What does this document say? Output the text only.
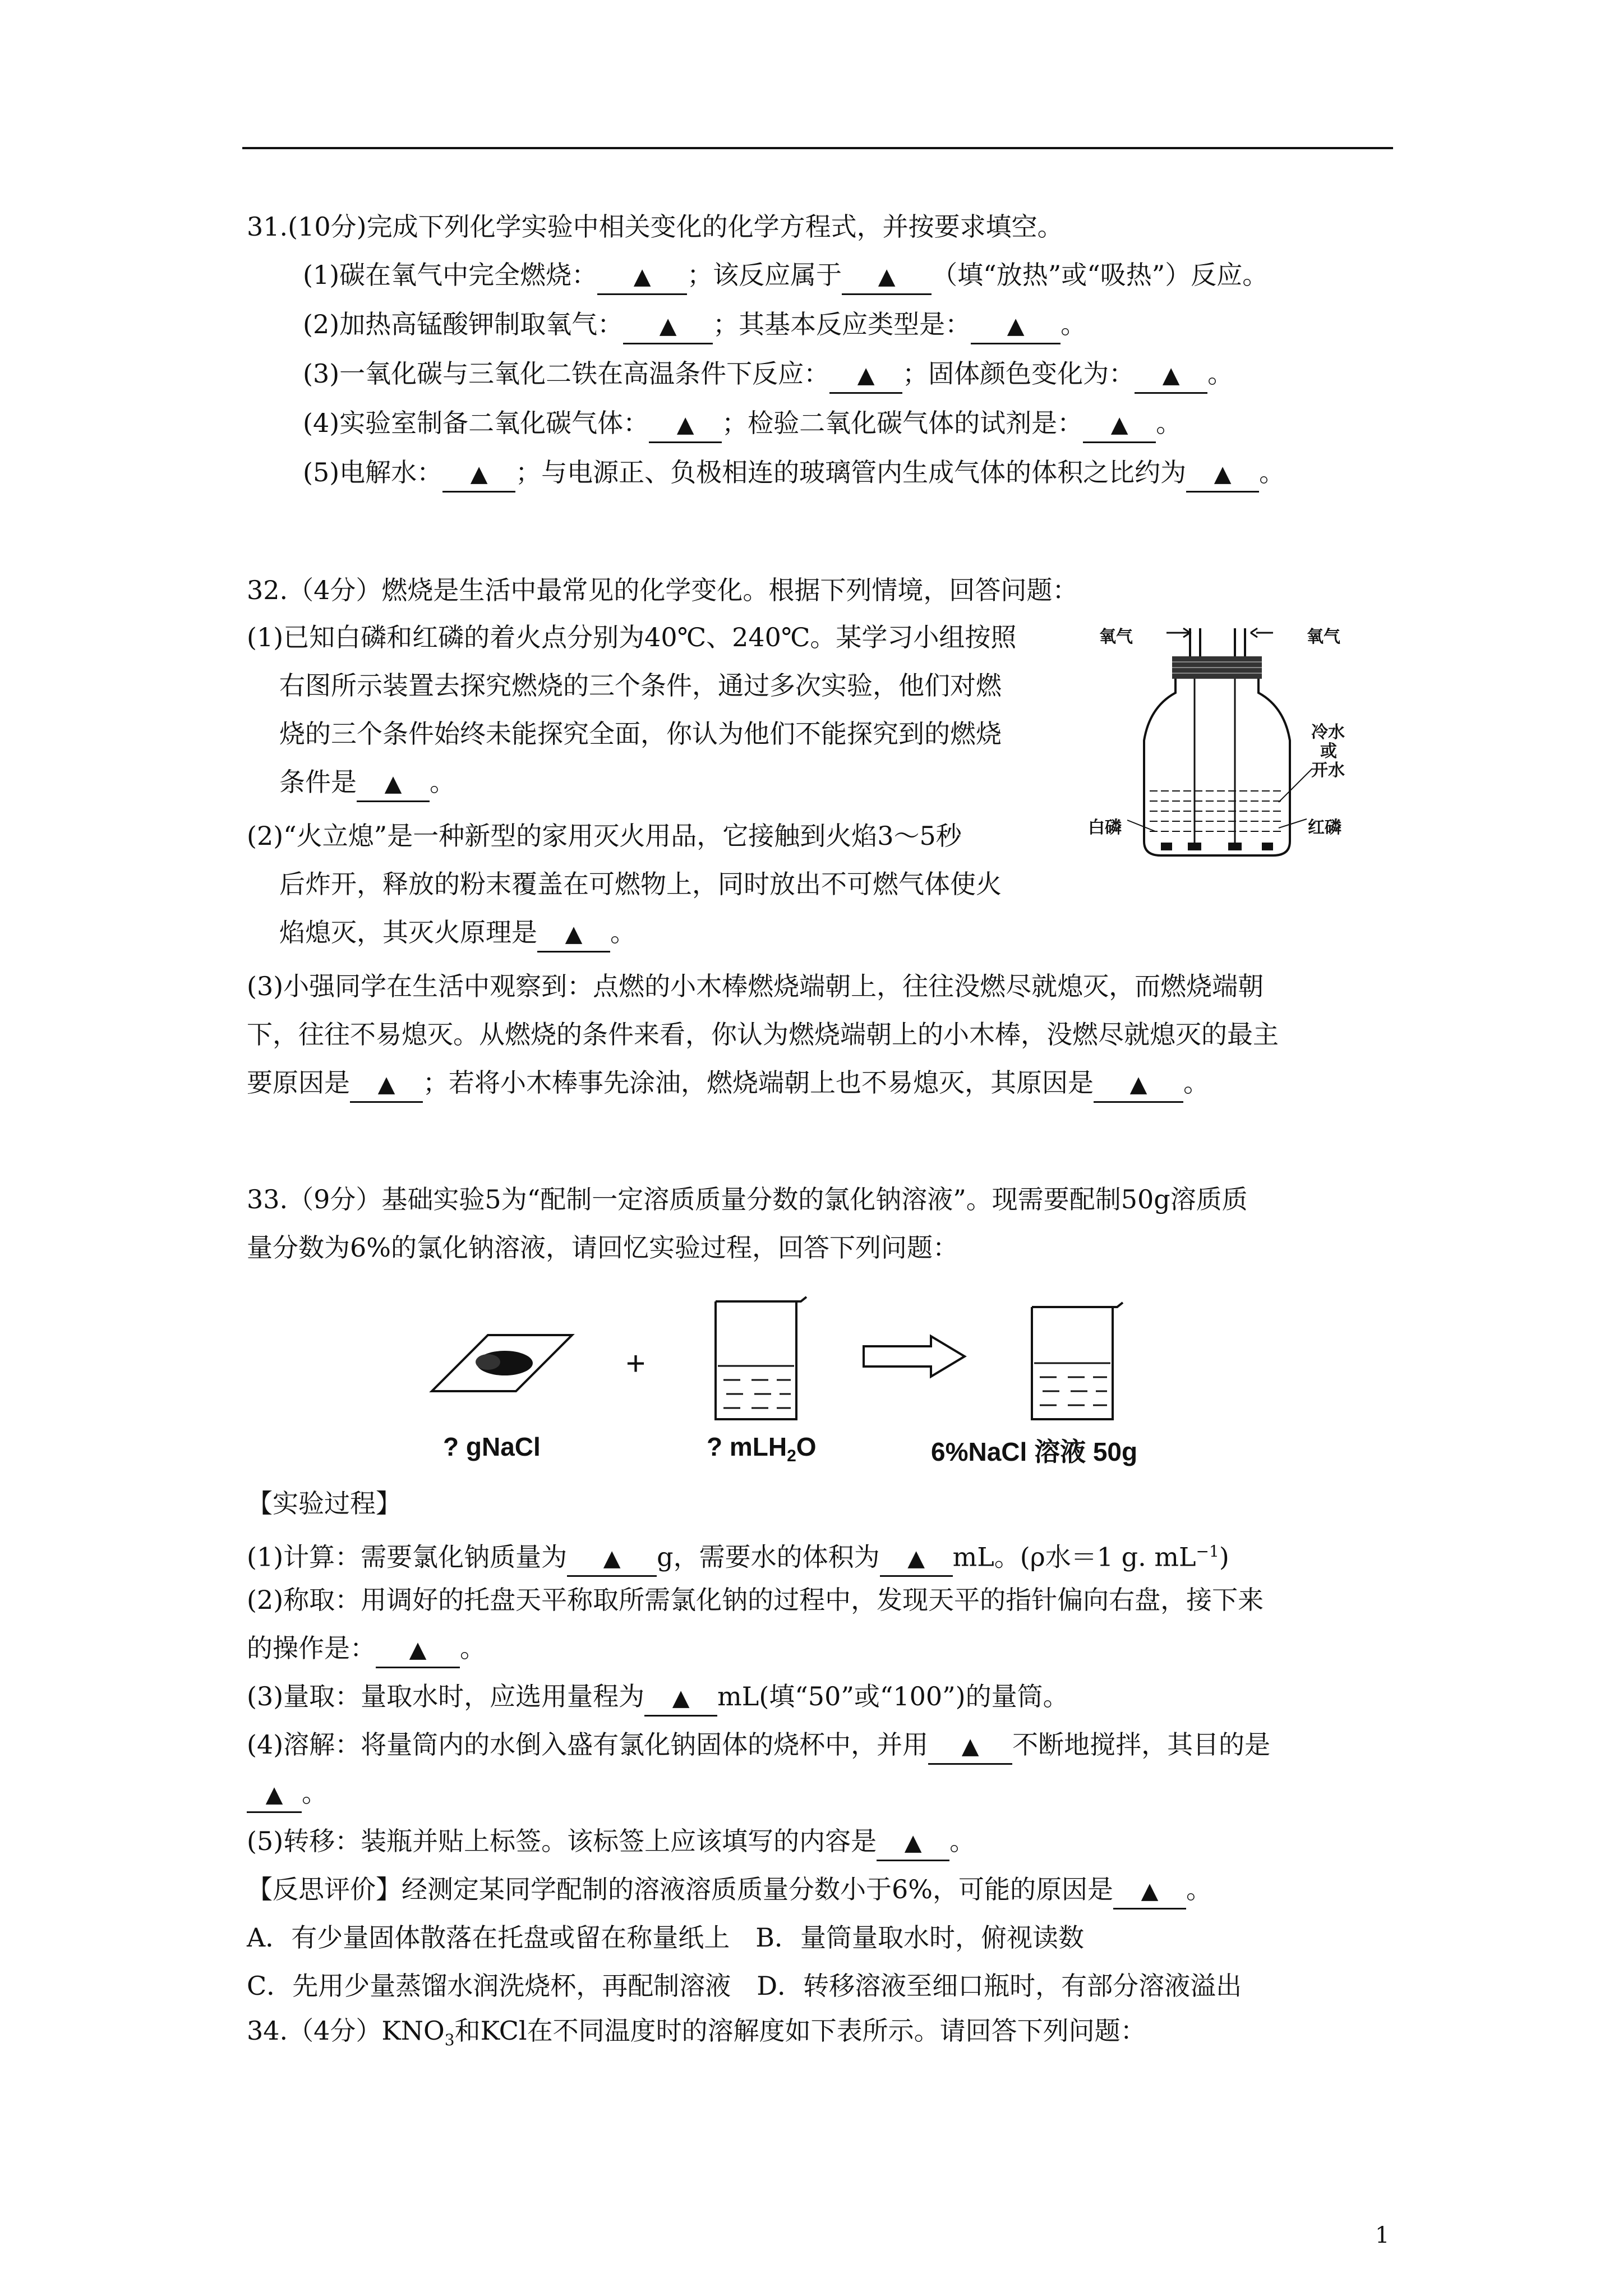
31.(10分)完成下列化学实验中相关变化的化学方程式，并按要求填空。
(1)碳在氧气中完全燃烧： ▲ ；该反应属于 ▲ （填“放热”或“吸热”）反应。
(2)加热高锰酸钾制取氧气： ▲ ；其基本反应类型是： ▲ 。
(3)一氧化碳与三氧化二铁在高温条件下反应： ▲ ；固体颜色变化为： ▲ 。
(4)实验室制备二氧化碳气体： ▲ ；检验二氧化碳气体的试剂是： ▲ 。
(5)电解水： ▲ ；与电源正、负极相连的玻璃管内生成气体的体积之比约为 ▲ 。
32.（4分）燃烧是生活中最常见的化学变化。根据下列情境，回答问题：
(1)已知白磷和红磷的着火点分别为40℃、240℃。某学习小组按照
右图所示装置去探究燃烧的三个条件，通过多次实验，他们对燃
烧的三个条件始终未能探究全面，你认为他们不能探究到的燃烧
条件是 ▲ 。
(2)“火立熄”是一种新型的家用灭火用品，它接触到火焰3～5秒
后炸开，释放的粉末覆盖在可燃物上，同时放出不可燃气体使火
焰熄灭，其灭火原理是 ▲ 。
(3)小强同学在生活中观察到：点燃的小木棒燃烧端朝上，往往没燃尽就熄灭，而燃烧端朝
下，往往不易熄灭。从燃烧的条件来看，你认为燃烧端朝上的小木棒，没燃尽就熄灭的最主
要原因是 ▲ ；若将小木棒事先涂油，燃烧端朝上也不易熄灭，其原因是 ▲ 。
氧气	氧气
冷水
或
开水
白磷	红磷
33.（9分）基础实验5为“配制一定溶质质量分数的氯化钠溶液”。现需要配制50g溶质质
量分数为6%的氯化钠溶液，请回忆实验过程，回答下列问题：
+
? gNaCl	? mLH$_2$O	6%NaCl 溶液 50g
【实验过程】
(1)计算：需要氯化钠质量为 ▲ g，需要水的体积为 ▲ mL。(ρ水＝1 g. $mL^{-1}$)
(2)称取：用调好的托盘天平称取所需氯化钠的过程中，发现天平的指针偏向右盘，接下来
的操作是： ▲ 。
(3)量取：量取水时，应选用量程为 ▲ mL(填“50”或“100”)的量筒。
(4)溶解：将量筒内的水倒入盛有氯化钠固体的烧杯中，并用 ▲ 不断地搅拌，其目的是
▲ 。
(5)转移：装瓶并贴上标签。该标签上应该填写的内容是 ▲ 。
【反思评价】经测定某同学配制的溶液溶质质量分数小于6%，可能的原因是 ▲ 。
A．有少量固体散落在托盘或留在称量纸上　B．量筒量取水时，俯视读数
C．先用少量蒸馏水润洗烧杯，再配制溶液　D．转移溶液至细口瓶时，有部分溶液溢出
34.（4分）$KNO_3$和KCl在不同温度时的溶解度如下表所示。请回答下列问题：
1
